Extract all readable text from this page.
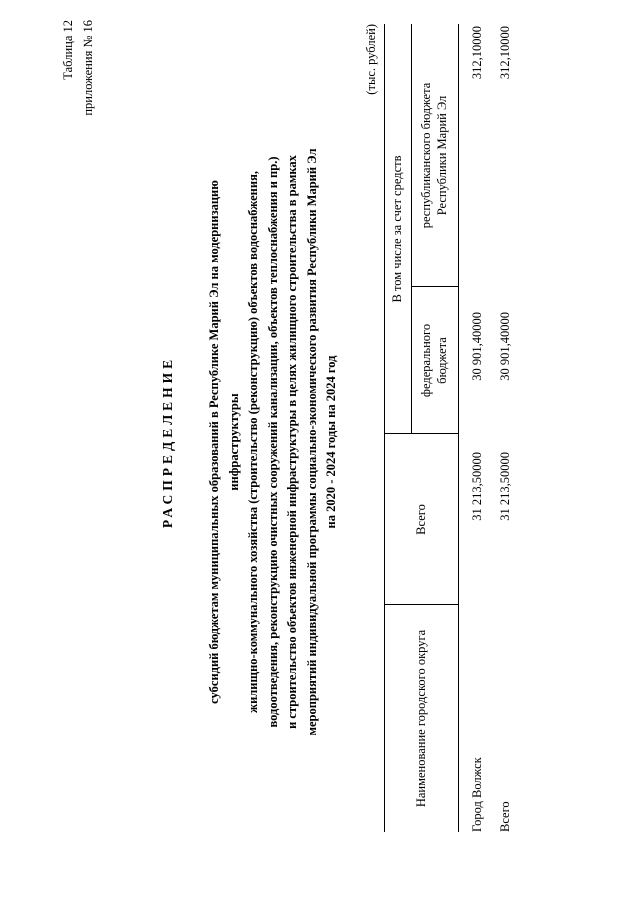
Таблица 12 приложения № 16
РАСПРЕДЕЛЕНИЕ	субсидий бюджетам муниципальных образований в Республике Марий Эл на модернизацию инфраструктуры жилищно-коммунального хозяйства (строительство (реконструкцию) объектов водоснабжения, водоотведения, реконструкцию очистных сооружений канализации, объектов теплоснабжения и пр.) и строительство объектов инженерной инфраструктуры в целях жилищного строительства в рамках мероприятий индивидуальной программы социально-экономического развития Республики Марий Эл на 2020 - 2024 годы на 2024 год
(тыс. рублей)
Наименование городского округа
Всего
В том числе за счет средств
федерального бюджета
республиканского бюджета Республики Марий Эл
Город Волжск
31 213,50000
30 901,40000
312,10000
Всего
31 213,50000
30 901,40000
312,10000
